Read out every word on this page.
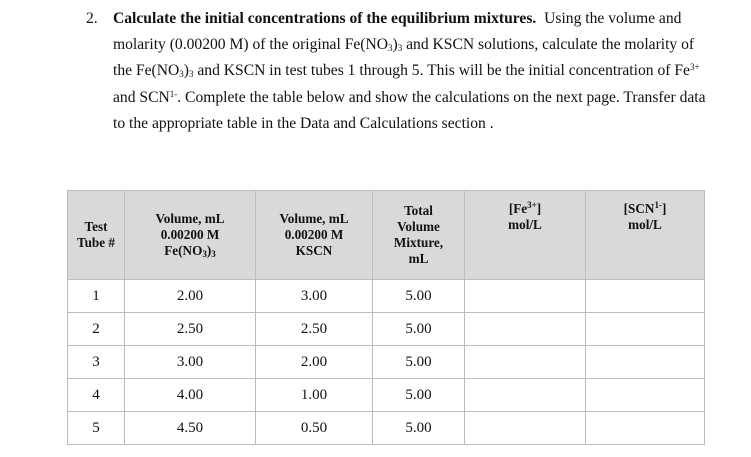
2. Calculate the initial concentrations of the equilibrium mixtures. Using the volume and molarity (0.00200 M) of the original $Fe(NO_3)_3$ and KSCN solutions, calculate the molarity of the $Fe(NO_3)_3$ and KSCN in test tubes 1 through 5. This will be the initial concentration of $Fe^{3+}$ and $SCN^{1-}$. Complete the table below and show the calculations on the next page. Transfer data to the appropriate table in the Data and Calculations section .
Test
Tube #	Volume, mL
0.00200 M
$Fe(NO_3)_3$	Volume, mL
0.00200 M
KSCN	Total
Volume
Mixture,
mL	$[Fe^{3+}]$
mol/L	$[SCN^{1-}]$
mol/L
1	2.00	3.00	5.00		
2	2.50	2.50	5.00		
3	3.00	2.00	5.00		
4	4.00	1.00	5.00		
5	4.50	0.50	5.00		
